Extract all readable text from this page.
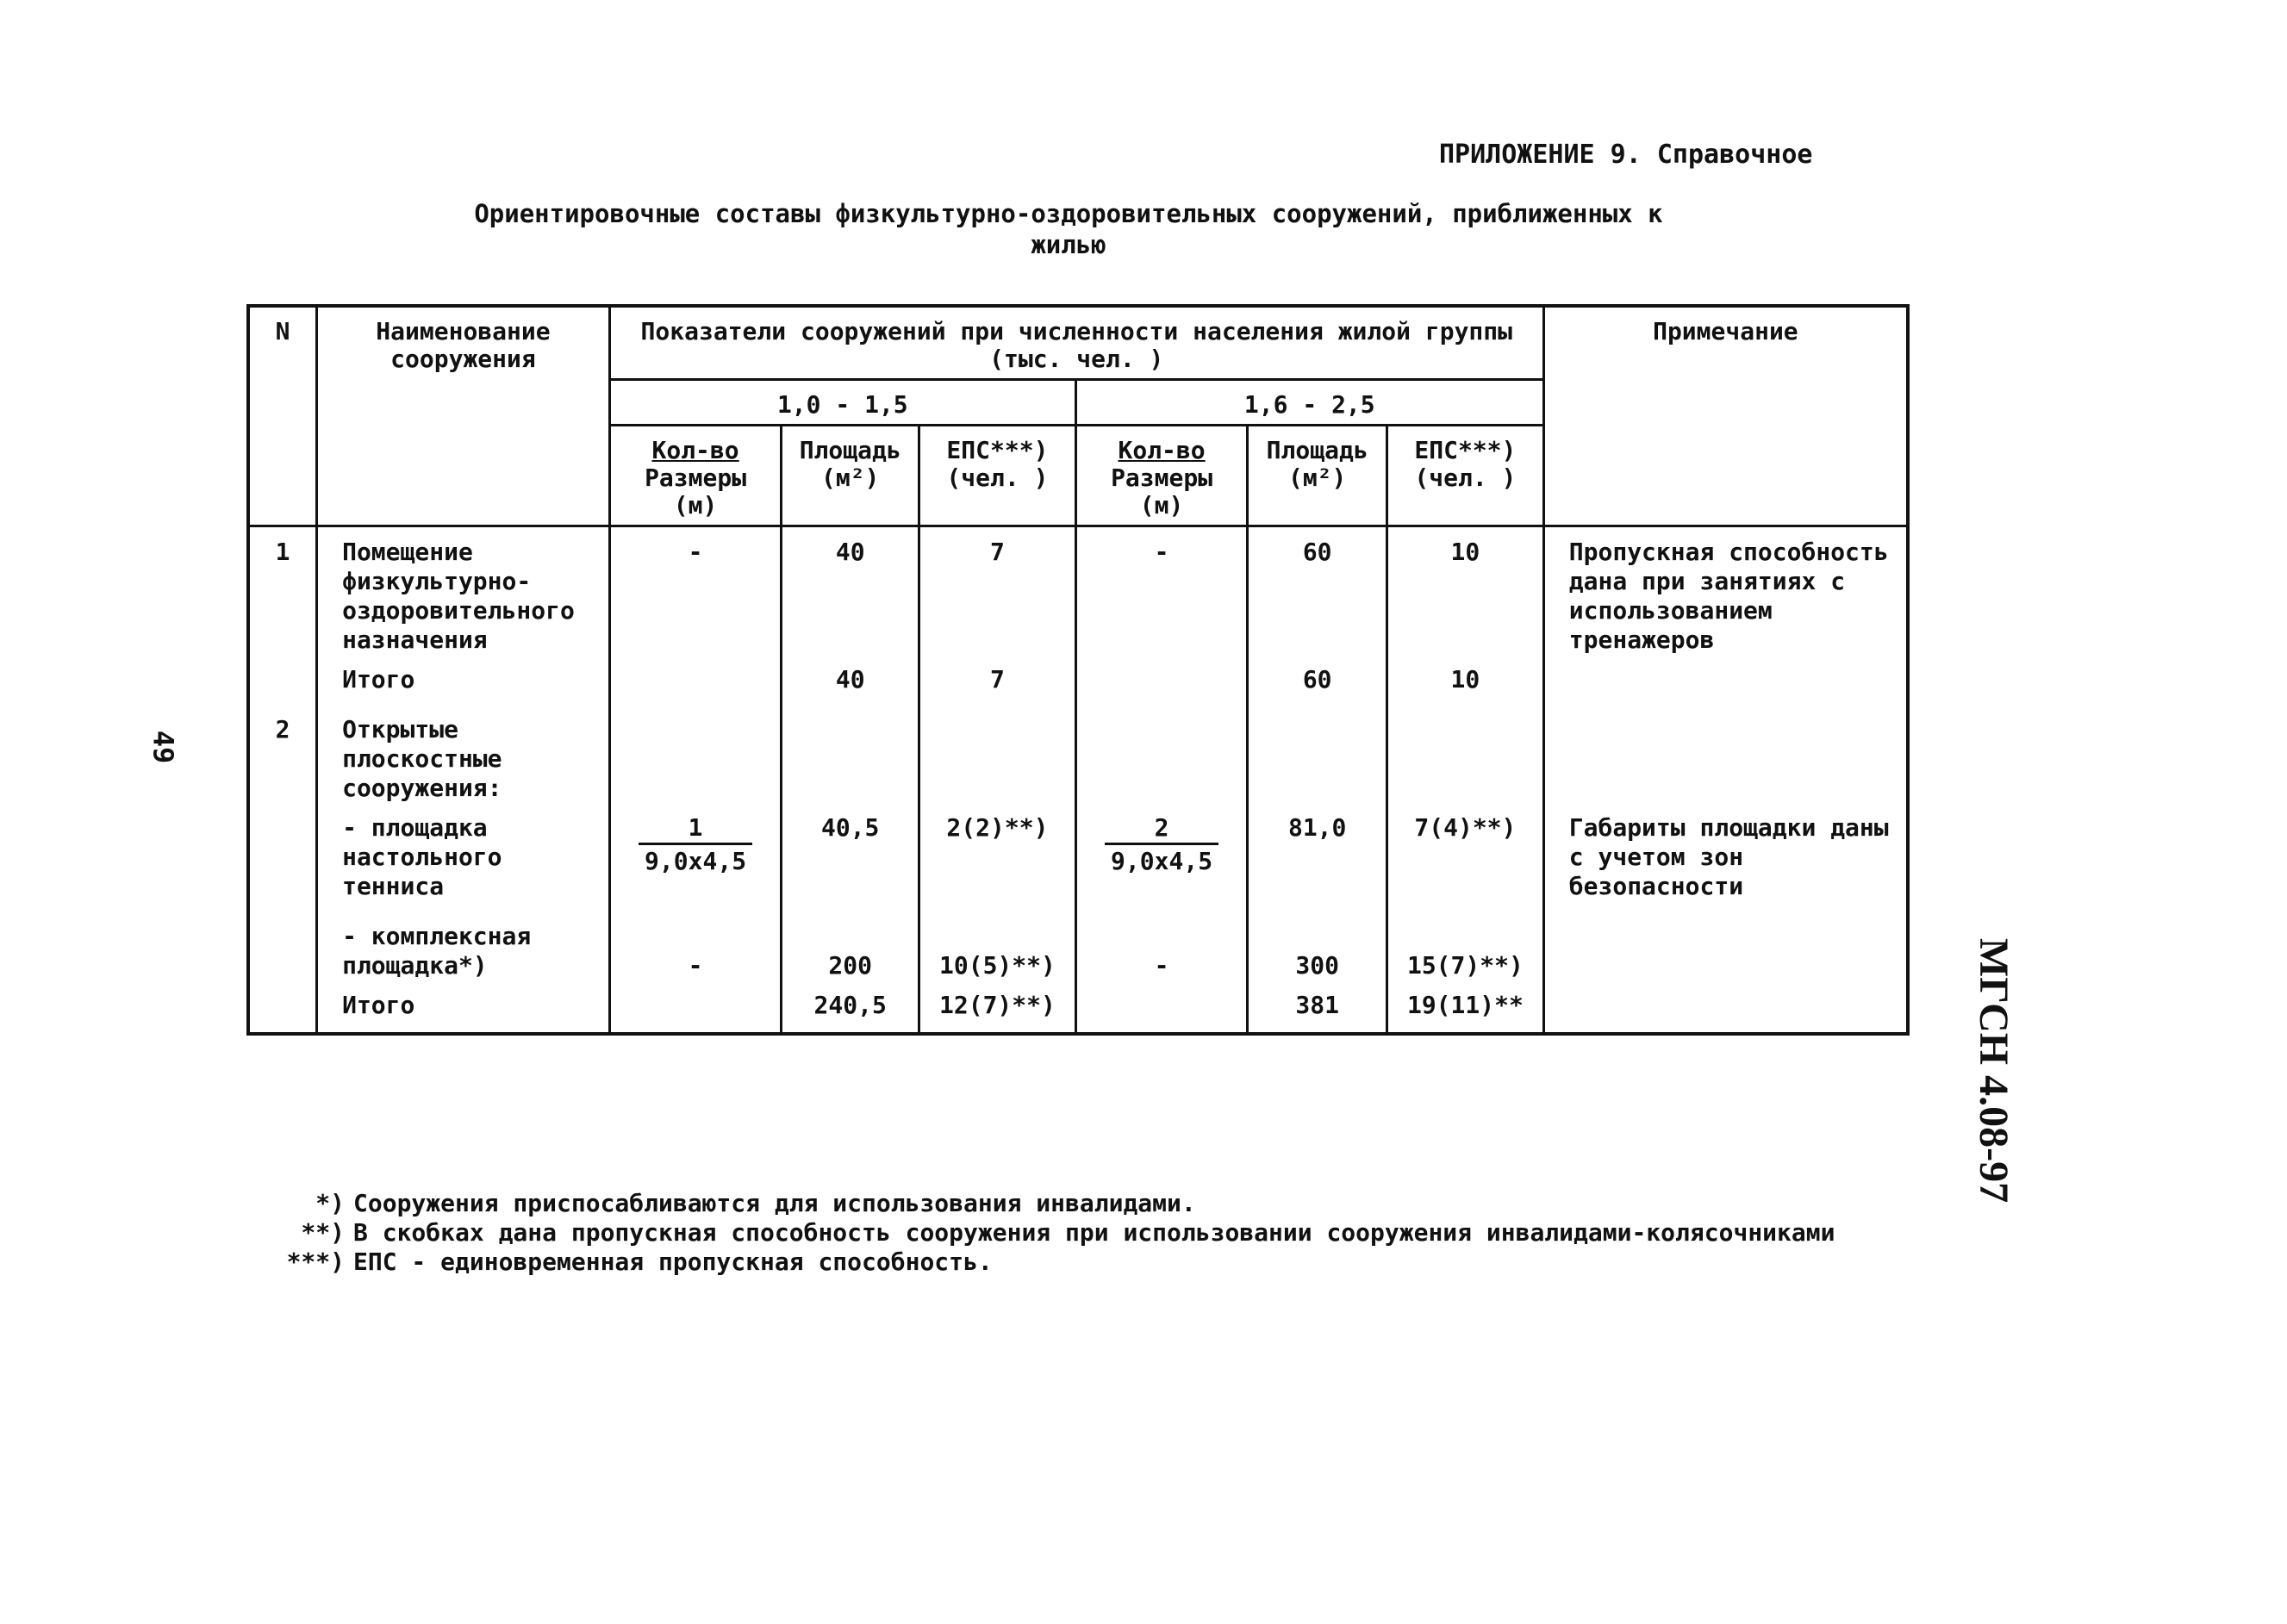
ПРИЛОЖЕНИЕ 9. Справочное
Ориентировочные составы физкультурно-оздоровительных сооружений, приближенных к жилью
49
МГСН 4.08-97
N	Наименование сооружения	Показатели сооружений при численности населения жилой группы (тыс. чел. )						Примечание
		1,0 - 1,5			1,6 - 2,5			
		Кол-во
Размеры
(м)	Площадь
(м²)	ЕПС***)
(чел. )	Кол-во
Размеры
(м)	Площадь
(м²)	ЕПС***)
(чел. )	
1	Помещение физкультурно-оздоровительного назначения	-	40	7	-	60	10	Пропускная способность дана при занятиях с использованием тренажеров
	Итого		40	7		60	10	
2	Открытые плоскостные сооружения:							
	- площадка настольного тенниса	$\frac{1}{9,0х4,5}$	40,5	2(2)**)	$\frac{2}{9,0х4,5}$	81,0	7(4)**)	Габариты площадки даны с учетом зон безопасности
	- комплексная площадка*)	-	200	10(5)**)	-	300	15(7)**)	
	Итого		240,5	12(7)**)		381	19(11)**	
*) Сооружения приспосабливаются для использования инвалидами.
**) В скобках дана пропускная способность сооружения при использовании сооружения инвалидами-колясочниками
***) ЕПС - единовременная пропускная способность.
